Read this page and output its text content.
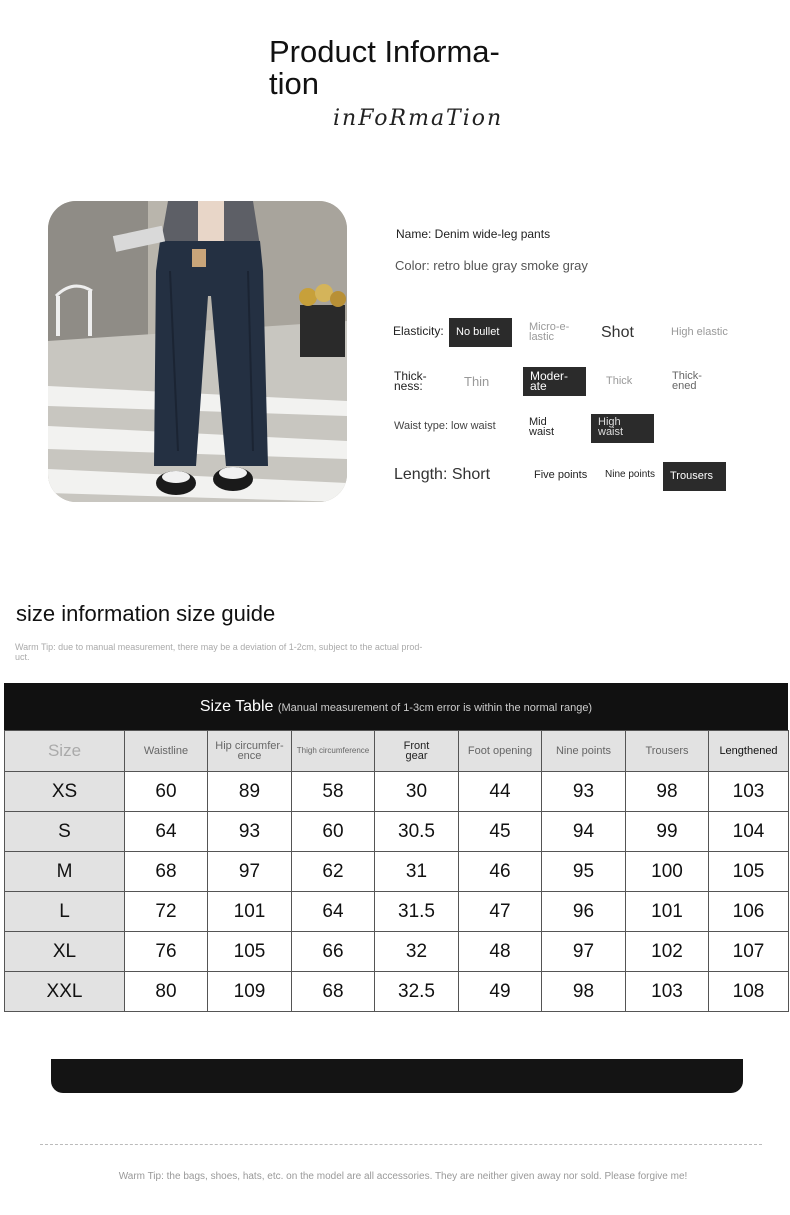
Product Informa-
tion
inFoRmaTion
Name: Denim wide-leg pants
Color: retro blue gray smoke gray
Elasticity:	No bullet	Micro-e-
lastic	Shot	High elastic
Thick-
ness:	Thin	Moder-
ate	Thick	Thick-
ened
Waist type: low waist	Mid
waist
High
waist
Length: Short	Five points Nine points	Trousers
size information size guide
Warm Tip: due to manual measurement, there may be a deviation of 1-2cm, subject to the actual prod-
uct.
Size Table (Manual measurement of 1-3cm error is within the normal range)
Size	Waistline	Hip circumfer-
ence	Thigh circumference	Front
gear	Foot opening	Nine points	Trousers	Lengthened
XS	60	89	58	30	44	93	98	103
S	64	93	60	30.5	45	94	99	104
M	68	97	62	31	46	95	100	105
L	72	101	64	31.5	47	96	101	106
XL	76	105	66	32	48	97	102	107
XXL	80	109	68	32.5	49	98	103	108
Warm Tip: the bags, shoes, hats, etc. on the model are all accessories. They are neither given away nor sold. Please forgive me!
